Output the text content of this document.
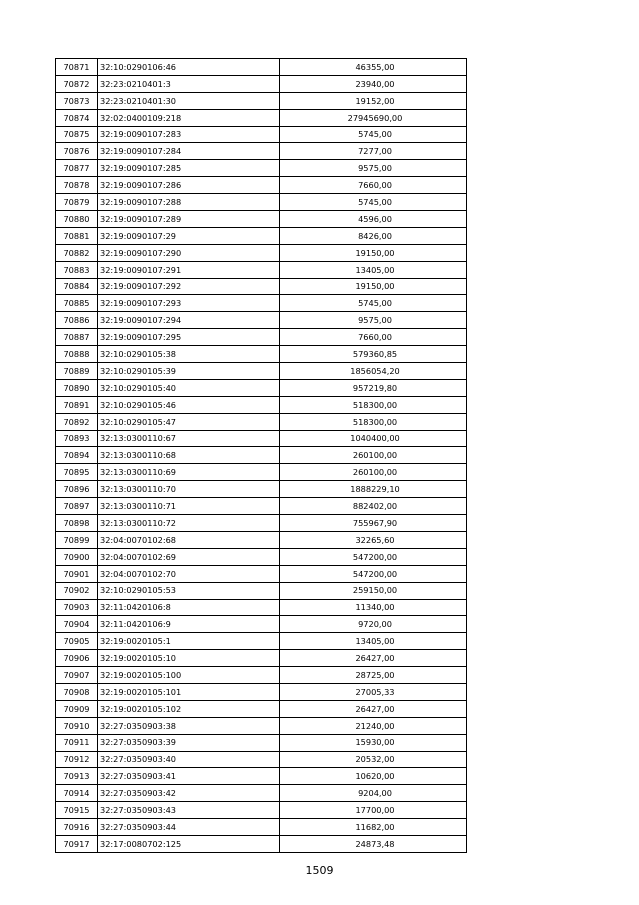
70871	32:10:0290106:46	46355,00
70872	32:23:0210401:3	23940,00
70873	32:23:0210401:30	19152,00
70874	32:02:0400109:218	27945690,00
70875	32:19:0090107:283	5745,00
70876	32:19:0090107:284	7277,00
70877	32:19:0090107:285	9575,00
70878	32:19:0090107:286	7660,00
70879	32:19:0090107:288	5745,00
70880	32:19:0090107:289	4596,00
70881	32:19:0090107:29	8426,00
70882	32:19:0090107:290	19150,00
70883	32:19:0090107:291	13405,00
70884	32:19:0090107:292	19150,00
70885	32:19:0090107:293	5745,00
70886	32:19:0090107:294	9575,00
70887	32:19:0090107:295	7660,00
70888	32:10:0290105:38	579360,85
70889	32:10:0290105:39	1856054,20
70890	32:10:0290105:40	957219,80
70891	32:10:0290105:46	518300,00
70892	32:10:0290105:47	518300,00
70893	32:13:0300110:67	1040400,00
70894	32:13:0300110:68	260100,00
70895	32:13:0300110:69	260100,00
70896	32:13:0300110:70	1888229,10
70897	32:13:0300110:71	882402,00
70898	32:13:0300110:72	755967,90
70899	32:04:0070102:68	32265,60
70900	32:04:0070102:69	547200,00
70901	32:04:0070102:70	547200,00
70902	32:10:0290105:53	259150,00
70903	32:11:0420106:8	11340,00
70904	32:11:0420106:9	9720,00
70905	32:19:0020105:1	13405,00
70906	32:19:0020105:10	26427,00
70907	32:19:0020105:100	28725,00
70908	32:19:0020105:101	27005,33
70909	32:19:0020105:102	26427,00
70910	32:27:0350903:38	21240,00
70911	32:27:0350903:39	15930,00
70912	32:27:0350903:40	20532,00
70913	32:27:0350903:41	10620,00
70914	32:27:0350903:42	9204,00
70915	32:27:0350903:43	17700,00
70916	32:27:0350903:44	11682,00
70917	32:17:0080702:125	24873,48
1509
